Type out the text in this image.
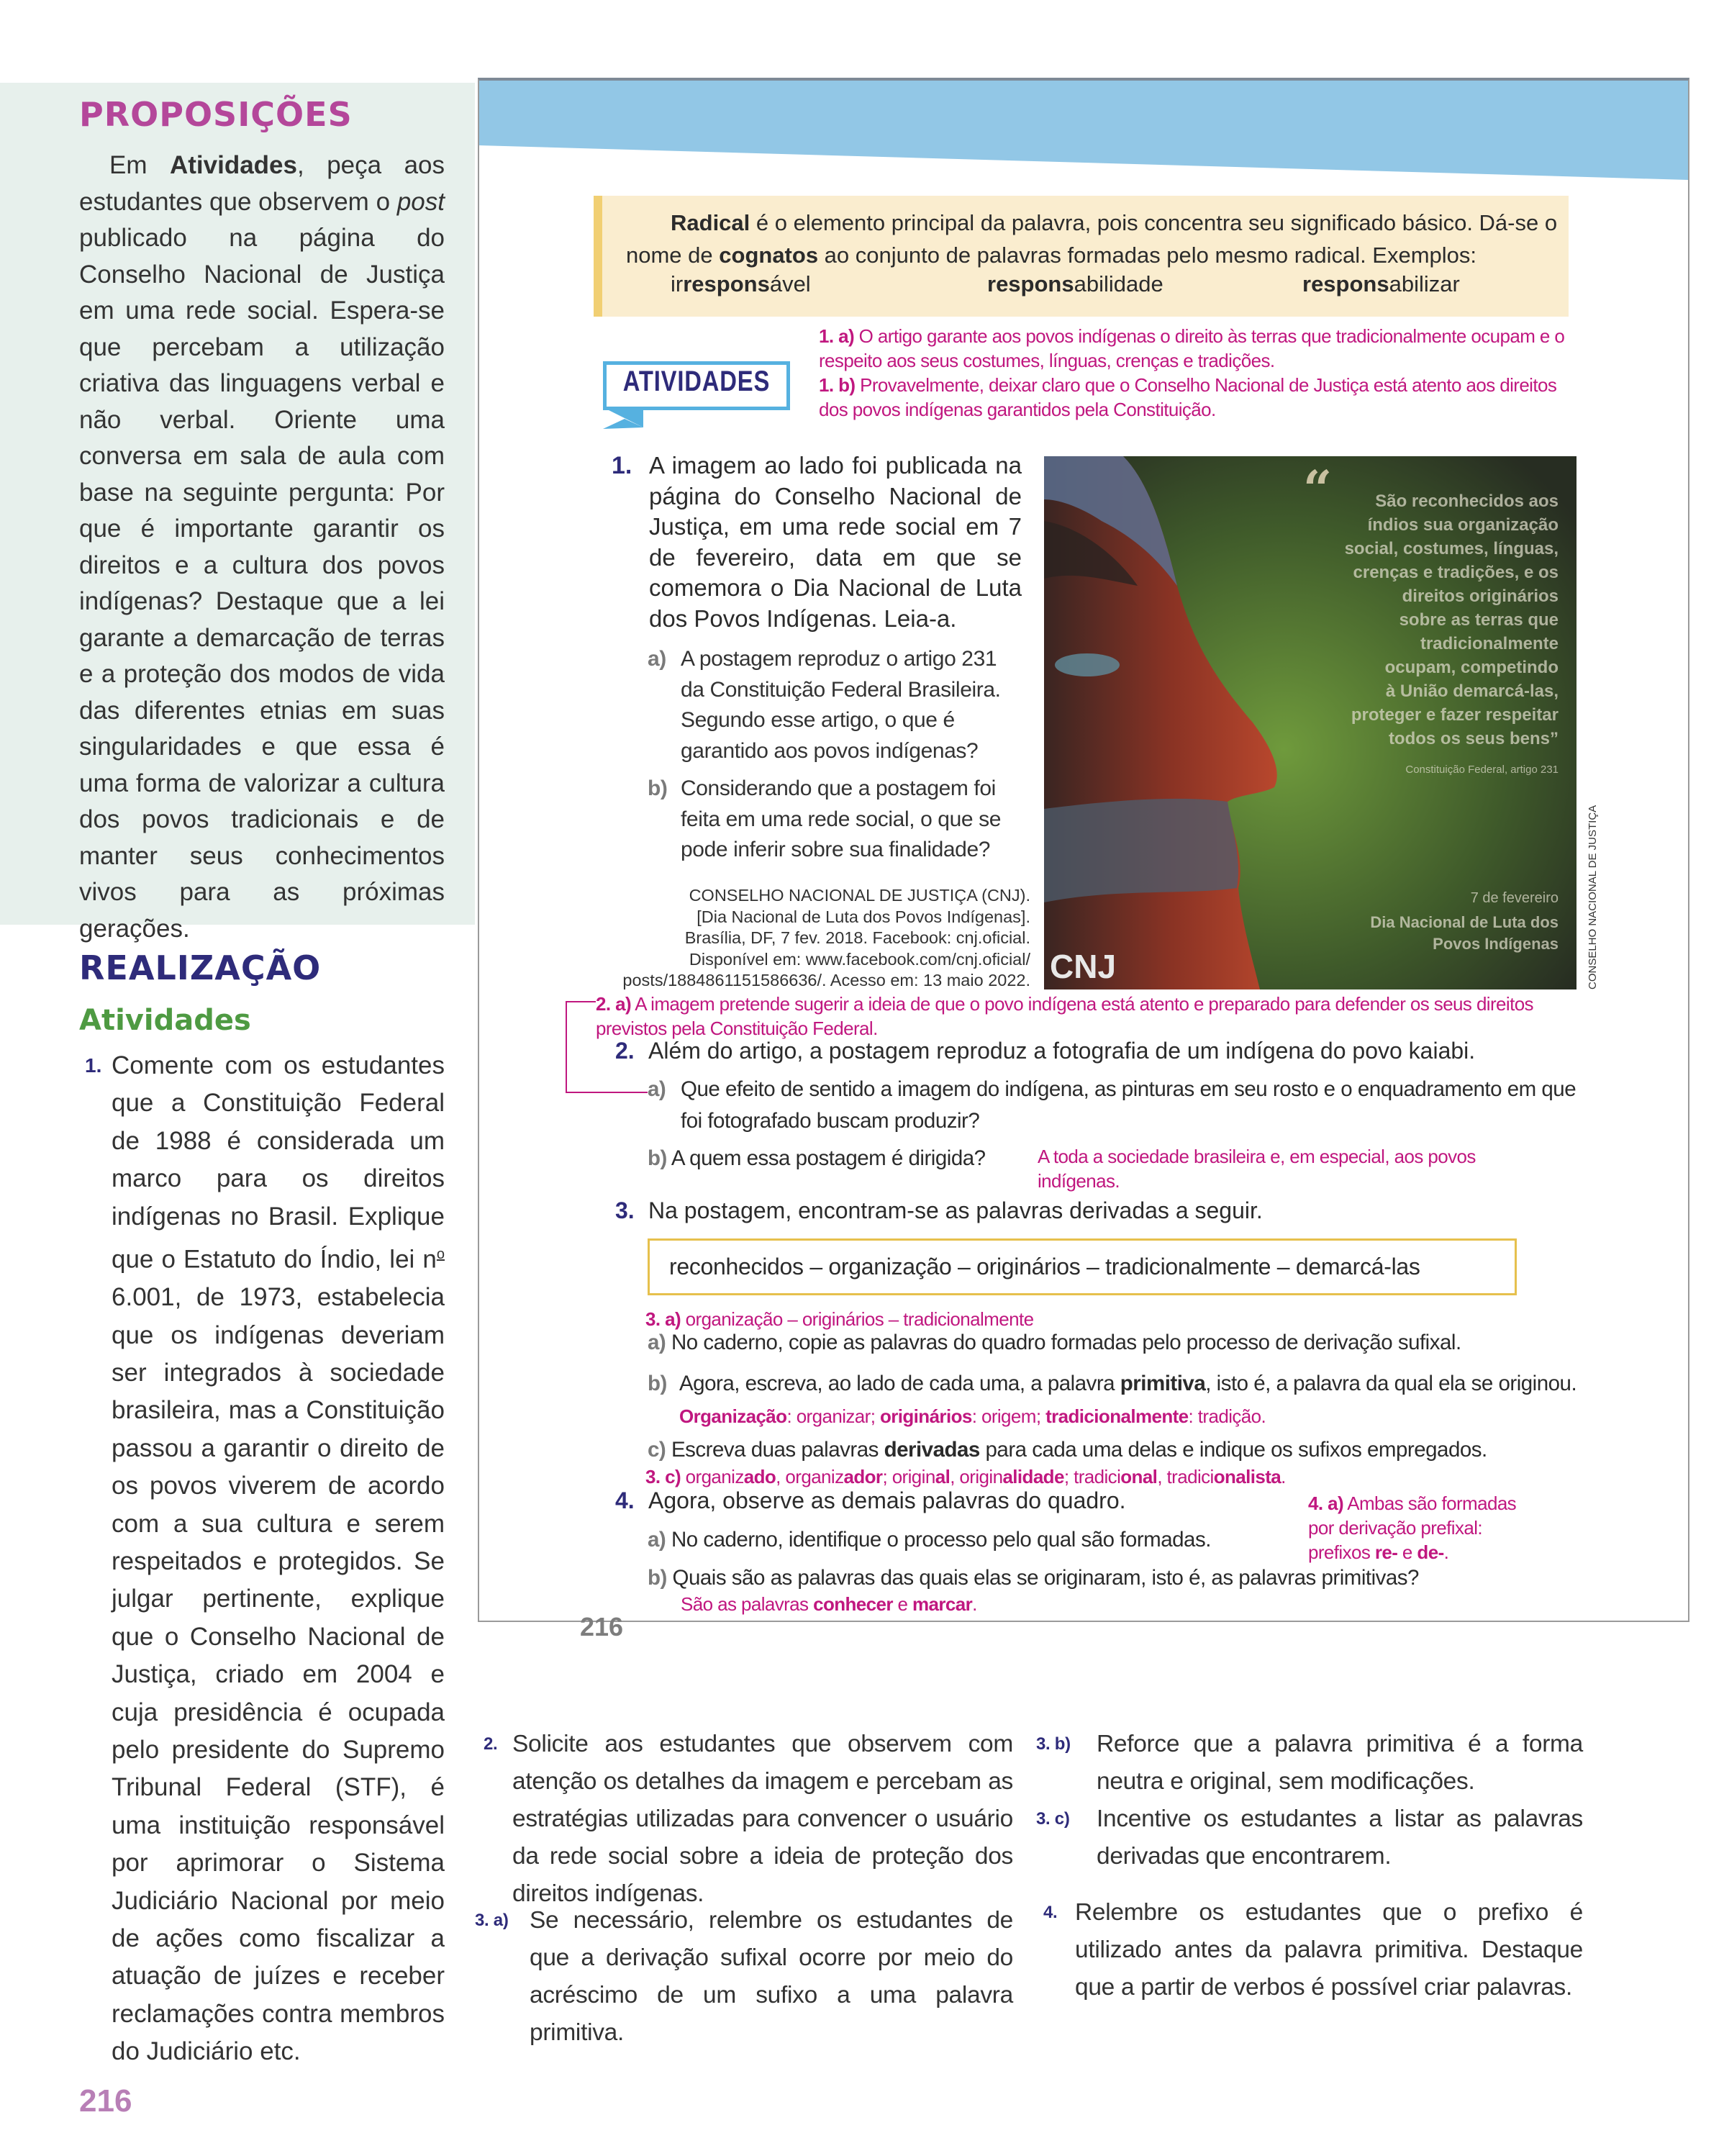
PROPOSIÇÕES
Em Atividades, peça aos estudantes que observem o post publicado na página do Conselho Nacional de Justiça em uma rede social. Espera-se que percebam a utilização criativa das linguagens verbal e não verbal. Oriente uma conversa em sala de aula com base na seguinte pergunta: Por que é importante garantir os direitos e a cultura dos povos indígenas? Destaque que a lei garante a demarcação de terras e a proteção dos modos de vida das diferentes etnias em suas singularidades e que essa é uma forma de valorizar a cultura dos povos tradicionais e de manter seus conhecimentos vivos para as próximas gerações.
REALIZAÇÃO
Atividades
1. Comente com os estudantes que a Constituição Federal de 1988 é considerada um marco para os direitos indígenas no Brasil. Explique que o Estatuto do Índio, lei $n^o$ 6.001, de 1973, estabelecia que os indígenas deveriam ser integrados à sociedade brasileira, mas a Constituição passou a garantir o direito de os povos viverem de acordo com a sua cultura e serem respeitados e protegidos. Se julgar pertinente, explique que o Conselho Nacional de Justiça, criado em 2004 e cuja presidência é ocupada pelo presidente do Supremo Tribunal Federal (STF), é uma instituição responsável por aprimorar o Sistema Judiciário Nacional por meio de ações como fiscalizar a atuação de juízes e receber reclamações contra membros do Judiciário etc.
216
Radical é o elemento principal da palavra, pois concentra seu significado básico. Dá-se o nome de cognatos ao conjunto de palavras formadas pelo mesmo radical. Exemplos:
irresponsável	responsabilidade	responsabilizar
ATIVIDADES
1. a) O artigo garante aos povos indígenas o direito às terras que tradicionalmente ocupam e o respeito aos seus costumes, línguas, crenças e tradições.
1. b) Provavelmente, deixar claro que o Conselho Nacional de Justiça está atento aos direitos dos povos indígenas garantidos pela Constituição.
1. A imagem ao lado foi publicada na página do Conselho Nacional de Justiça, em uma rede social em 7 de fevereiro, data em que se comemora o Dia Nacional de Luta dos Povos Indígenas. Leia-a.
a) A postagem reproduz o artigo 231 da Constituição Federal Brasileira. Segundo esse artigo, o que é garantido aos povos indígenas?
b) Considerando que a postagem foi feita em uma rede social, o que se pode inferir sobre sua finalidade?
CONSELHO NACIONAL DE JUSTIÇA (CNJ).
[Dia Nacional de Luta dos Povos Indígenas].
Brasília, DF, 7 fev. 2018. Facebook: cnj.oficial.
Disponível em: www.facebook.com/cnj.oficial/
posts/1884861151586636/. Acesso em: 13 maio 2022.
“ São reconhecidos aos
índios sua organização
social, costumes, línguas,
crenças e tradições, e os
direitos originários
sobre as terras que
tradicionalmente
ocupam, competindo
à União demarcá-las,
proteger e fazer respeitar
todos os seus bens”
Constituição Federal, artigo 231
7 de fevereiro
Dia Nacional de Luta dos
Povos Indígenas
CNJ	CONSELHO NACIONAL DE JUSTIÇA
2. a) A imagem pretende sugerir a ideia de que o povo indígena está atento e preparado para defender os seus direitos previstos pela Constituição Federal.
2. Além do artigo, a postagem reproduz a fotografia de um indígena do povo kaiabi.
a) Que efeito de sentido a imagem do indígena, as pinturas em seu rosto e o enquadramento em que foi fotografado buscam produzir?
b) A quem essa postagem é dirigida?	A toda a sociedade brasileira e, em especial, aos povos indígenas.
3. Na postagem, encontram-se as palavras derivadas a seguir.
reconhecidos – organização – originários – tradicionalmente – demarcá-las
3. a) organização – originários – tradicionalmente
a) No caderno, copie as palavras do quadro formadas pelo processo de derivação sufixal.
b) Agora, escreva, ao lado de cada uma, a palavra primitiva, isto é, a palavra da qual ela se originou. Organização: organizar; originários: origem; tradicionalmente: tradição.
c) Escreva duas palavras derivadas para cada uma delas e indique os sufixos empregados.
3. c) organizado, organizador; original, originalidade; tradicional, tradicionalista.
4. Agora, observe as demais palavras do quadro.	4. a) Ambas são formadas por derivação prefixal: prefixos re- e de-.
a) No caderno, identifique o processo pelo qual são formadas.
b) Quais são as palavras das quais elas se originaram, isto é, as palavras primitivas?
São as palavras conhecer e marcar.
216
2. Solicite aos estudantes que observem com atenção os detalhes da imagem e percebam as estratégias utilizadas para convencer o usuário da rede social sobre a ideia de proteção dos direitos indígenas.
3. a) Se necessário, relembre os estudantes de que a derivação sufixal ocorre por meio do acréscimo de um sufixo a uma palavra primitiva.
3. b) Reforce que a palavra primitiva é a forma neutra e original, sem modificações.
3. c) Incentive os estudantes a listar as palavras derivadas que encontrarem.
4. Relembre os estudantes que o prefixo é utilizado antes da palavra primitiva. Destaque que a partir de verbos é possível criar palavras.
